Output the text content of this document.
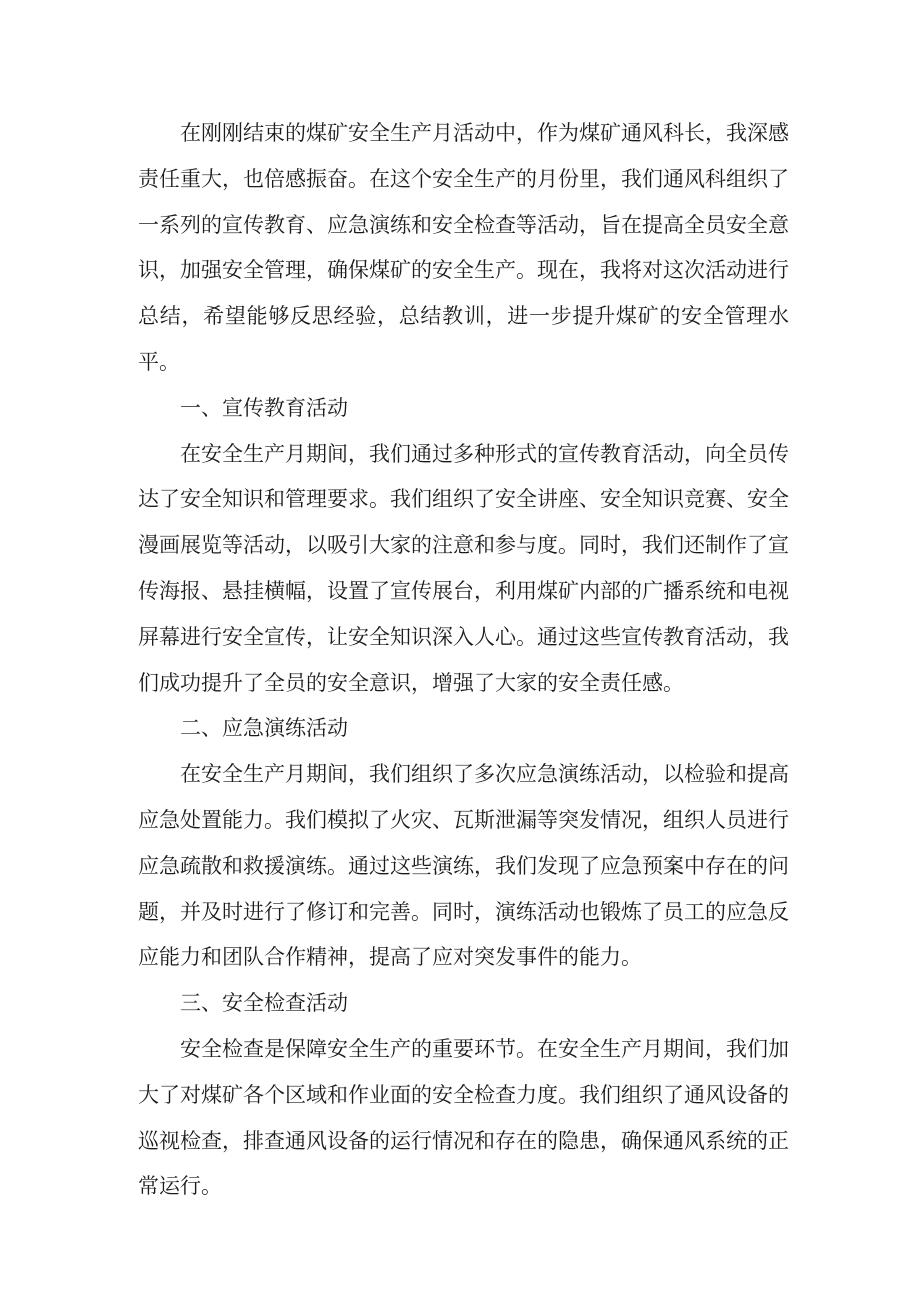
在刚刚结束的煤矿安全生产月活动中，作为煤矿通风科长，我深感责任重大，也倍感振奋。在这个安全生产的月份里，我们通风科组织了一系列的宣传教育、应急演练和安全检查等活动，旨在提高全员安全意识，加强安全管理，确保煤矿的安全生产。现在，我将对这次活动进行总结，希望能够反思经验，总结教训，进一步提升煤矿的安全管理水平。

一、宣传教育活动

在安全生产月期间，我们通过多种形式的宣传教育活动，向全员传达了安全知识和管理要求。我们组织了安全讲座、安全知识竞赛、安全漫画展览等活动，以吸引大家的注意和参与度。同时，我们还制作了宣传海报、悬挂横幅，设置了宣传展台，利用煤矿内部的广播系统和电视屏幕进行安全宣传，让安全知识深入人心。通过这些宣传教育活动，我们成功提升了全员的安全意识，增强了大家的安全责任感。

二、应急演练活动

在安全生产月期间，我们组织了多次应急演练活动，以检验和提高应急处置能力。我们模拟了火灾、瓦斯泄漏等突发情况，组织人员进行应急疏散和救援演练。通过这些演练，我们发现了应急预案中存在的问题，并及时进行了修订和完善。同时，演练活动也锻炼了员工的应急反应能力和团队合作精神，提高了应对突发事件的能力。

三、安全检查活动

安全检查是保障安全生产的重要环节。在安全生产月期间，我们加大了对煤矿各个区域和作业面的安全检查力度。我们组织了通风设备的巡视检查，排查通风设备的运行情况和存在的隐患，确保通风系统的正常运行。
